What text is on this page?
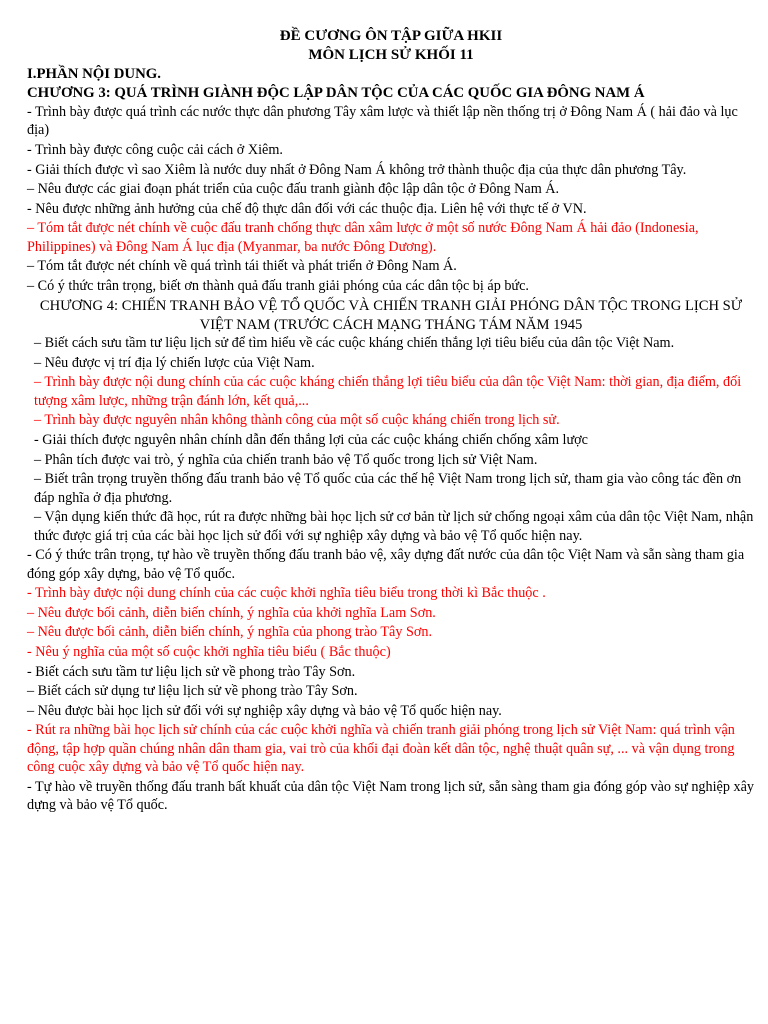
ĐỀ CƯƠNG ÔN TẬP GIỮA HKII
MÔN LỊCH SỬ KHỐI 11
I.PHẦN NỘI DUNG.
CHƯƠNG 3: QUÁ TRÌNH GIÀNH ĐỘC LẬP DÂN TỘC CỦA CÁC QUỐC GIA ĐÔNG NAM Á
- Trình bày được quá trình các nước thực dân phương Tây xâm lược và thiết lập nền thống trị ở Đông Nam Á ( hải đảo và lục địa)
- Trình bày được công cuộc cải cách ở Xiêm.
- Giải thích được vì sao Xiêm là nước duy nhất ở Đông Nam Á không trở thành thuộc địa của thực dân phương Tây.
– Nêu được các giai đoạn phát triển của cuộc đấu tranh giành độc lập dân tộc ở Đông Nam Á.
- Nêu được những ảnh hưởng của chế độ thực dân đối với các thuộc địa. Liên hệ với thực tế ở VN.
– Tóm tắt được nét chính về cuộc đấu tranh chống thực dân xâm lược ở một số nước Đông Nam Á hải đảo (Indonesia, Philippines) và Đông Nam Á lục địa (Myanmar, ba nước Đông Dương).
– Tóm tắt được nét chính về quá trình tái thiết và phát triển ở Đông Nam Á.
– Có ý thức trân trọng, biết ơn thành quả đấu tranh giải phóng của các dân tộc bị áp bức.
CHƯƠNG 4: CHIẾN TRANH BẢO VỆ TỔ QUỐC VÀ CHIẾN TRANH GIẢI PHÓNG DÂN TỘC TRONG LỊCH SỬ VIỆT NAM (TRƯỚC CÁCH MẠNG THÁNG TÁM NĂM 1945
– Biết cách sưu tầm tư liệu lịch sử để tìm hiểu về các cuộc kháng chiến thắng lợi tiêu biểu của dân tộc Việt Nam.
– Nêu được vị trí địa lý chiến lược của Việt Nam.
– Trình bày được nội dung chính của các cuộc kháng chiến thắng lợi tiêu biểu của dân tộc Việt Nam: thời gian, địa điểm, đối tượng xâm lược, những trận đánh lớn, kết quả,...
– Trình bày được nguyên nhân không thành công của một số cuộc kháng chiến trong lịch sử.
- Giải thích được nguyên nhân chính dẫn đến thắng lợi của các cuộc kháng chiến chống xâm lược
– Phân tích được vai trò, ý nghĩa của chiến tranh bảo vệ Tổ quốc trong lịch sử Việt Nam.
– Biết trân trọng truyền thống đấu tranh bảo vệ Tổ quốc của các thế hệ Việt Nam trong lịch sử, tham gia vào công tác đền ơn đáp nghĩa ở địa phương.
– Vận dụng kiến thức đã học, rút ra được những bài học lịch sử cơ bản từ lịch sử chống ngoại xâm của dân tộc Việt Nam, nhận thức được giá trị của các bài học lịch sử đối với sự nghiệp xây dựng và bảo vệ Tổ quốc hiện nay.
- Có ý thức trân trọng, tự hào về truyền thống đấu tranh bảo vệ, xây dựng đất nước của dân tộc Việt Nam và sẵn sàng tham gia đóng góp xây dựng, bảo vệ Tổ quốc.
- Trình bày được nội dung chính của các cuộc khởi nghĩa tiêu biểu trong thời kì Bắc thuộc .
– Nêu được bối cảnh, diễn biến chính, ý nghĩa của khởi nghĩa Lam Sơn.
– Nêu được bối cảnh, diễn biến chính, ý nghĩa của phong trào Tây Sơn.
- Nêu ý nghĩa của một số cuộc khởi nghĩa tiêu biểu ( Bắc thuộc)
- Biết cách sưu tầm tư liệu lịch sử về phong trào Tây Sơn.
– Biết cách sử dụng tư liệu lịch sử về phong trào Tây Sơn.
– Nêu được bài học lịch sử đối với sự nghiệp xây dựng và bảo vệ Tổ quốc hiện nay.
- Rút ra những bài học lịch sử chính của các cuộc khởi nghĩa và chiến tranh giải phóng trong lịch sử Việt Nam: quá trình vận động, tập hợp quần chúng nhân dân tham gia, vai trò của khối đại đoàn kết dân tộc, nghệ thuật quân sự, ... và vận dụng trong công cuộc xây dựng và bảo vệ Tổ quốc hiện nay.
- Tự hào về truyền thống đấu tranh bất khuất của dân tộc Việt Nam trong lịch sử, sẵn sàng tham gia đóng góp vào sự nghiệp xây dựng và bảo vệ Tổ quốc.
